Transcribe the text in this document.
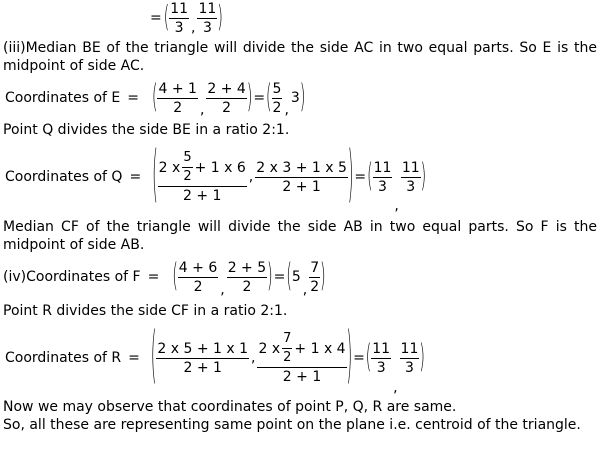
= ( $\frac{11}{3}$ , $\frac{11}{3}$ )
(iii)Median BE of the triangle will divide the side AC in two equal parts. So E is the midpoint of side AC.
Coordinates of E = ( $\frac{4 + 1}{2}$ , $\frac{2 + 4}{2}$ ) = ( $\frac{5}{2}$ ,
3 )
Point Q divides the side BE in a ratio 2:1.
Coordinates of Q = ( $\frac{2 x \frac{5}{2} + 1 x 6}{2 + 1}$ , $\frac{2 x 3 + 1 x 5}{2 + 1}$ ) = ( $\frac{11}{3}$
,
$\frac{11}{3}$ )
Median CF of the triangle will divide the side AB in two equal parts. So F is the midpoint of side AB.
(iv)Coordinates of F = ( $\frac{4 + 6}{2}$ , $\frac{2 + 5}{2}$ ) = ( 5
, $\frac{7}{2}$ )
Point R divides the side CF in a ratio 2:1.
Coordinates of R = ( $\frac{2 x 5 + 1 x 1}{2 + 1}$ , $\frac{2 x \frac{7}{2} + 1 x 4}{2 + 1}$ ) = ( $\frac{11}{3}$
,
$\frac{11}{3}$ )
Now we may observe that coordinates of point P, Q, R are same.
So, all these are representing same point on the plane i.e. centroid of the triangle.
